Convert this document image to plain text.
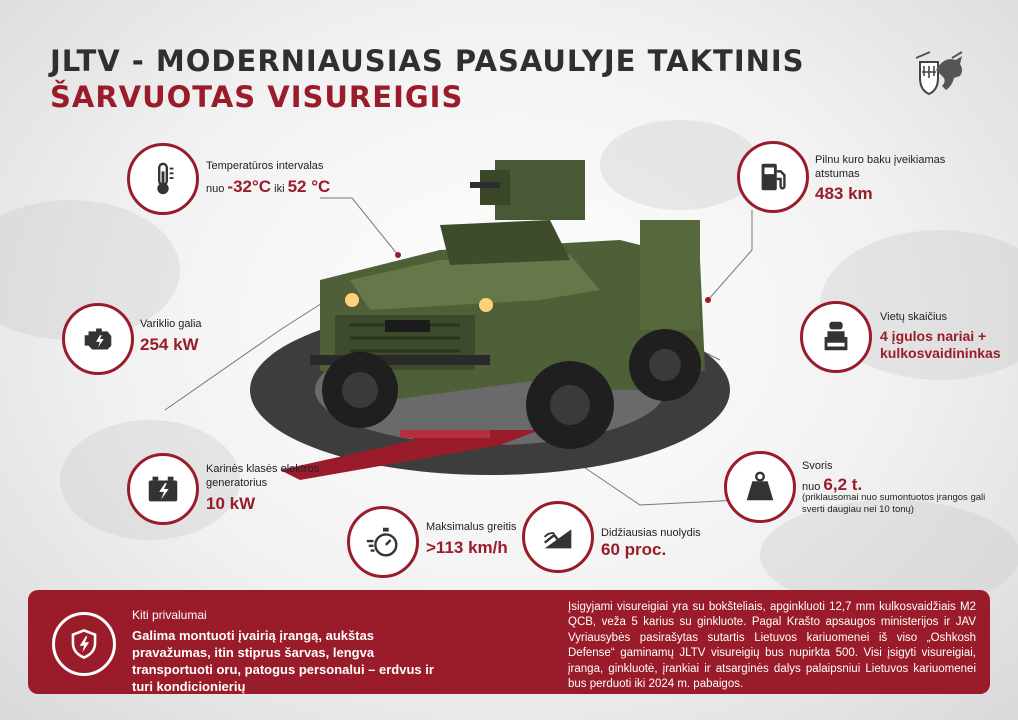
JLTV - MODERNIAUSIAS PASAULYJE TAKTINIS
ŠARVUOTAS VISUREIGIS
Temperatūros intervalas
nuo -32°C iki 52 °C
Pilnu kuro baku įveikiamas atstumas
483 km
Variklio galia
254 kW
Vietų skaičius
4 įgulos nariai +
kulkosvaidininkas
Karinės klasės elektros generatorius
10 kW
Svoris
nuo 6,2 t.
(priklausomai nuo sumontuotos įrangos gali sverti daugiau nei 10 tonų)
Maksimalus greitis
>113 km/h
Didžiausias nuolydis
60 proc.
Kiti privalumai
Galima montuoti įvairią įrangą, aukštas pravažumas, itin stiprus šarvas, lengva transportuoti oru, patogus personalui – erdvus ir turi kondicionierių
Įsigyjami visureigiai yra su bokšteliais, apginkluoti 12,7 mm kulkosvaidžiais M2 QCB, veža 5 karius su ginkluote. Pagal Krašto apsaugos ministerijos ir JAV Vyriausybės pasirašytas sutartis Lietuvos kariuomenei iš viso „Oshkosh Defense“ gaminamų JLTV visureigių bus nupirkta 500. Visi įsigyti visureigiai, įranga, ginkluotė, įrankiai ir atsarginės dalys palaipsniui Lietuvos kariuomenei bus perduoti iki 2024 m. pabaigos.
